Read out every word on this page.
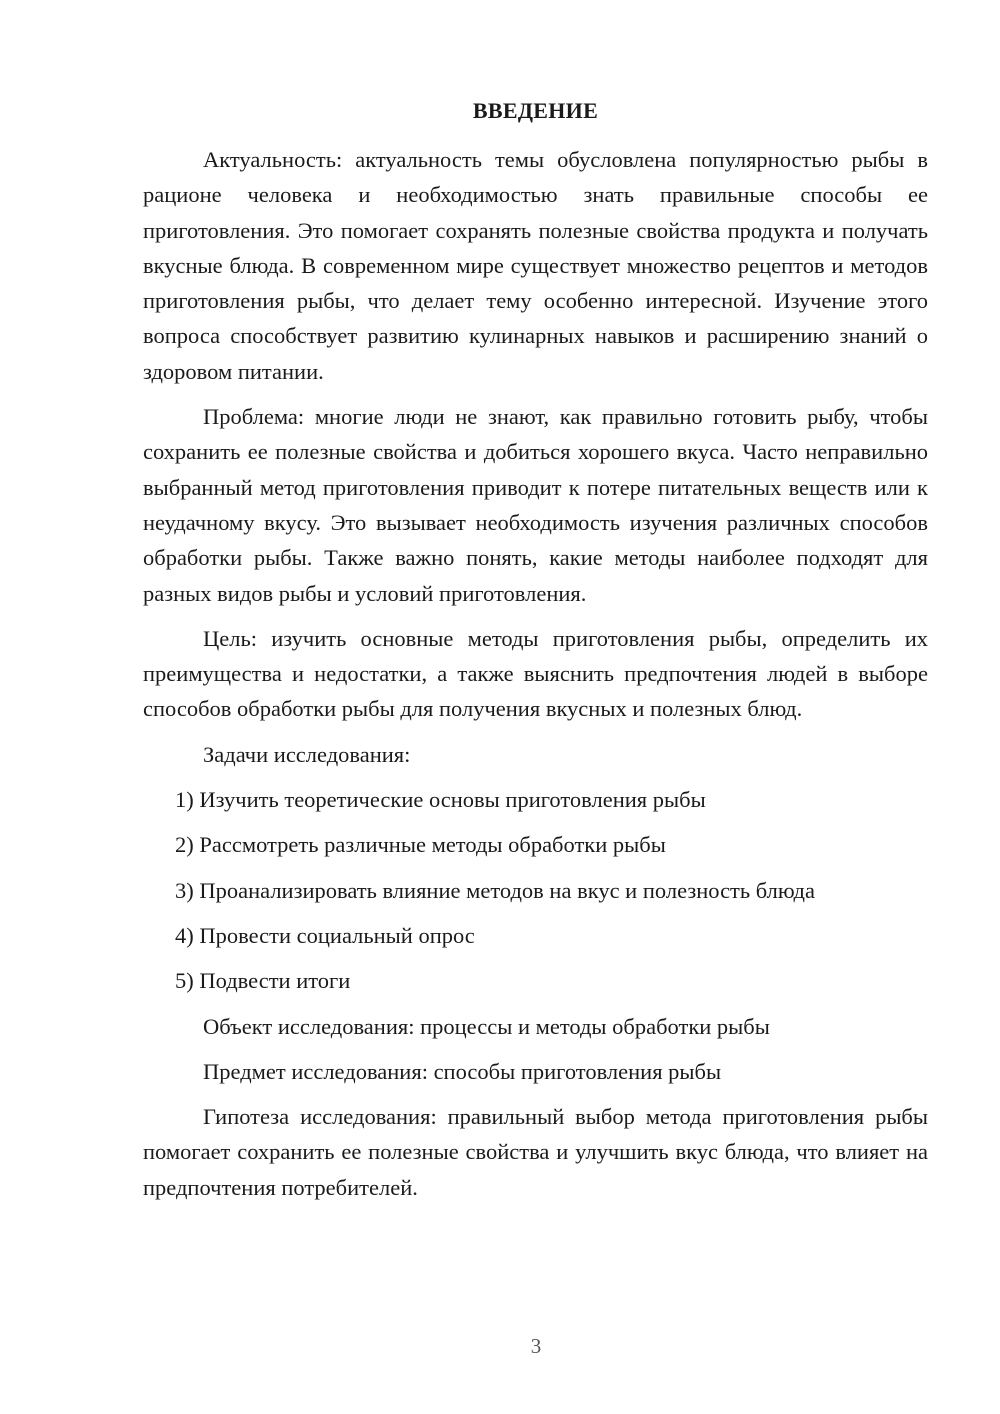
ВВЕДЕНИЕ

Актуальность: актуальность темы обусловлена популярностью рыбы в рационе человека и необходимостью знать правильные способы ее приготовления. Это помогает сохранять полезные свойства продукта и получать вкусные блюда. В современном мире существует множество рецептов и методов приготовления рыбы, что делает тему особенно интересной. Изучение этого вопроса способствует развитию кулинарных навыков и расширению знаний о здоровом питании.

Проблема: многие люди не знают, как правильно готовить рыбу, чтобы сохранить ее полезные свойства и добиться хорошего вкуса. Часто неправильно выбранный метод приготовления приводит к потере питательных веществ или к неудачному вкусу. Это вызывает необходимость изучения различных способов обработки рыбы. Также важно понять, какие методы наиболее подходят для разных видов рыбы и условий приготовления.

Цель: изучить основные методы приготовления рыбы, определить их преимущества и недостатки, а также выяснить предпочтения людей в выборе способов обработки рыбы для получения вкусных и полезных блюд.

Задачи исследования:

1) Изучить теоретические основы приготовления рыбы

2) Рассмотреть различные методы обработки рыбы

3) Проанализировать влияние методов на вкус и полезность блюда

4) Провести социальный опрос

5) Подвести итоги

Объект исследования: процессы и методы обработки рыбы

Предмет исследования: способы приготовления рыбы

Гипотеза исследования: правильный выбор метода приготовления рыбы помогает сохранить ее полезные свойства и улучшить вкус блюда, что влияет на предпочтения потребителей.

3
